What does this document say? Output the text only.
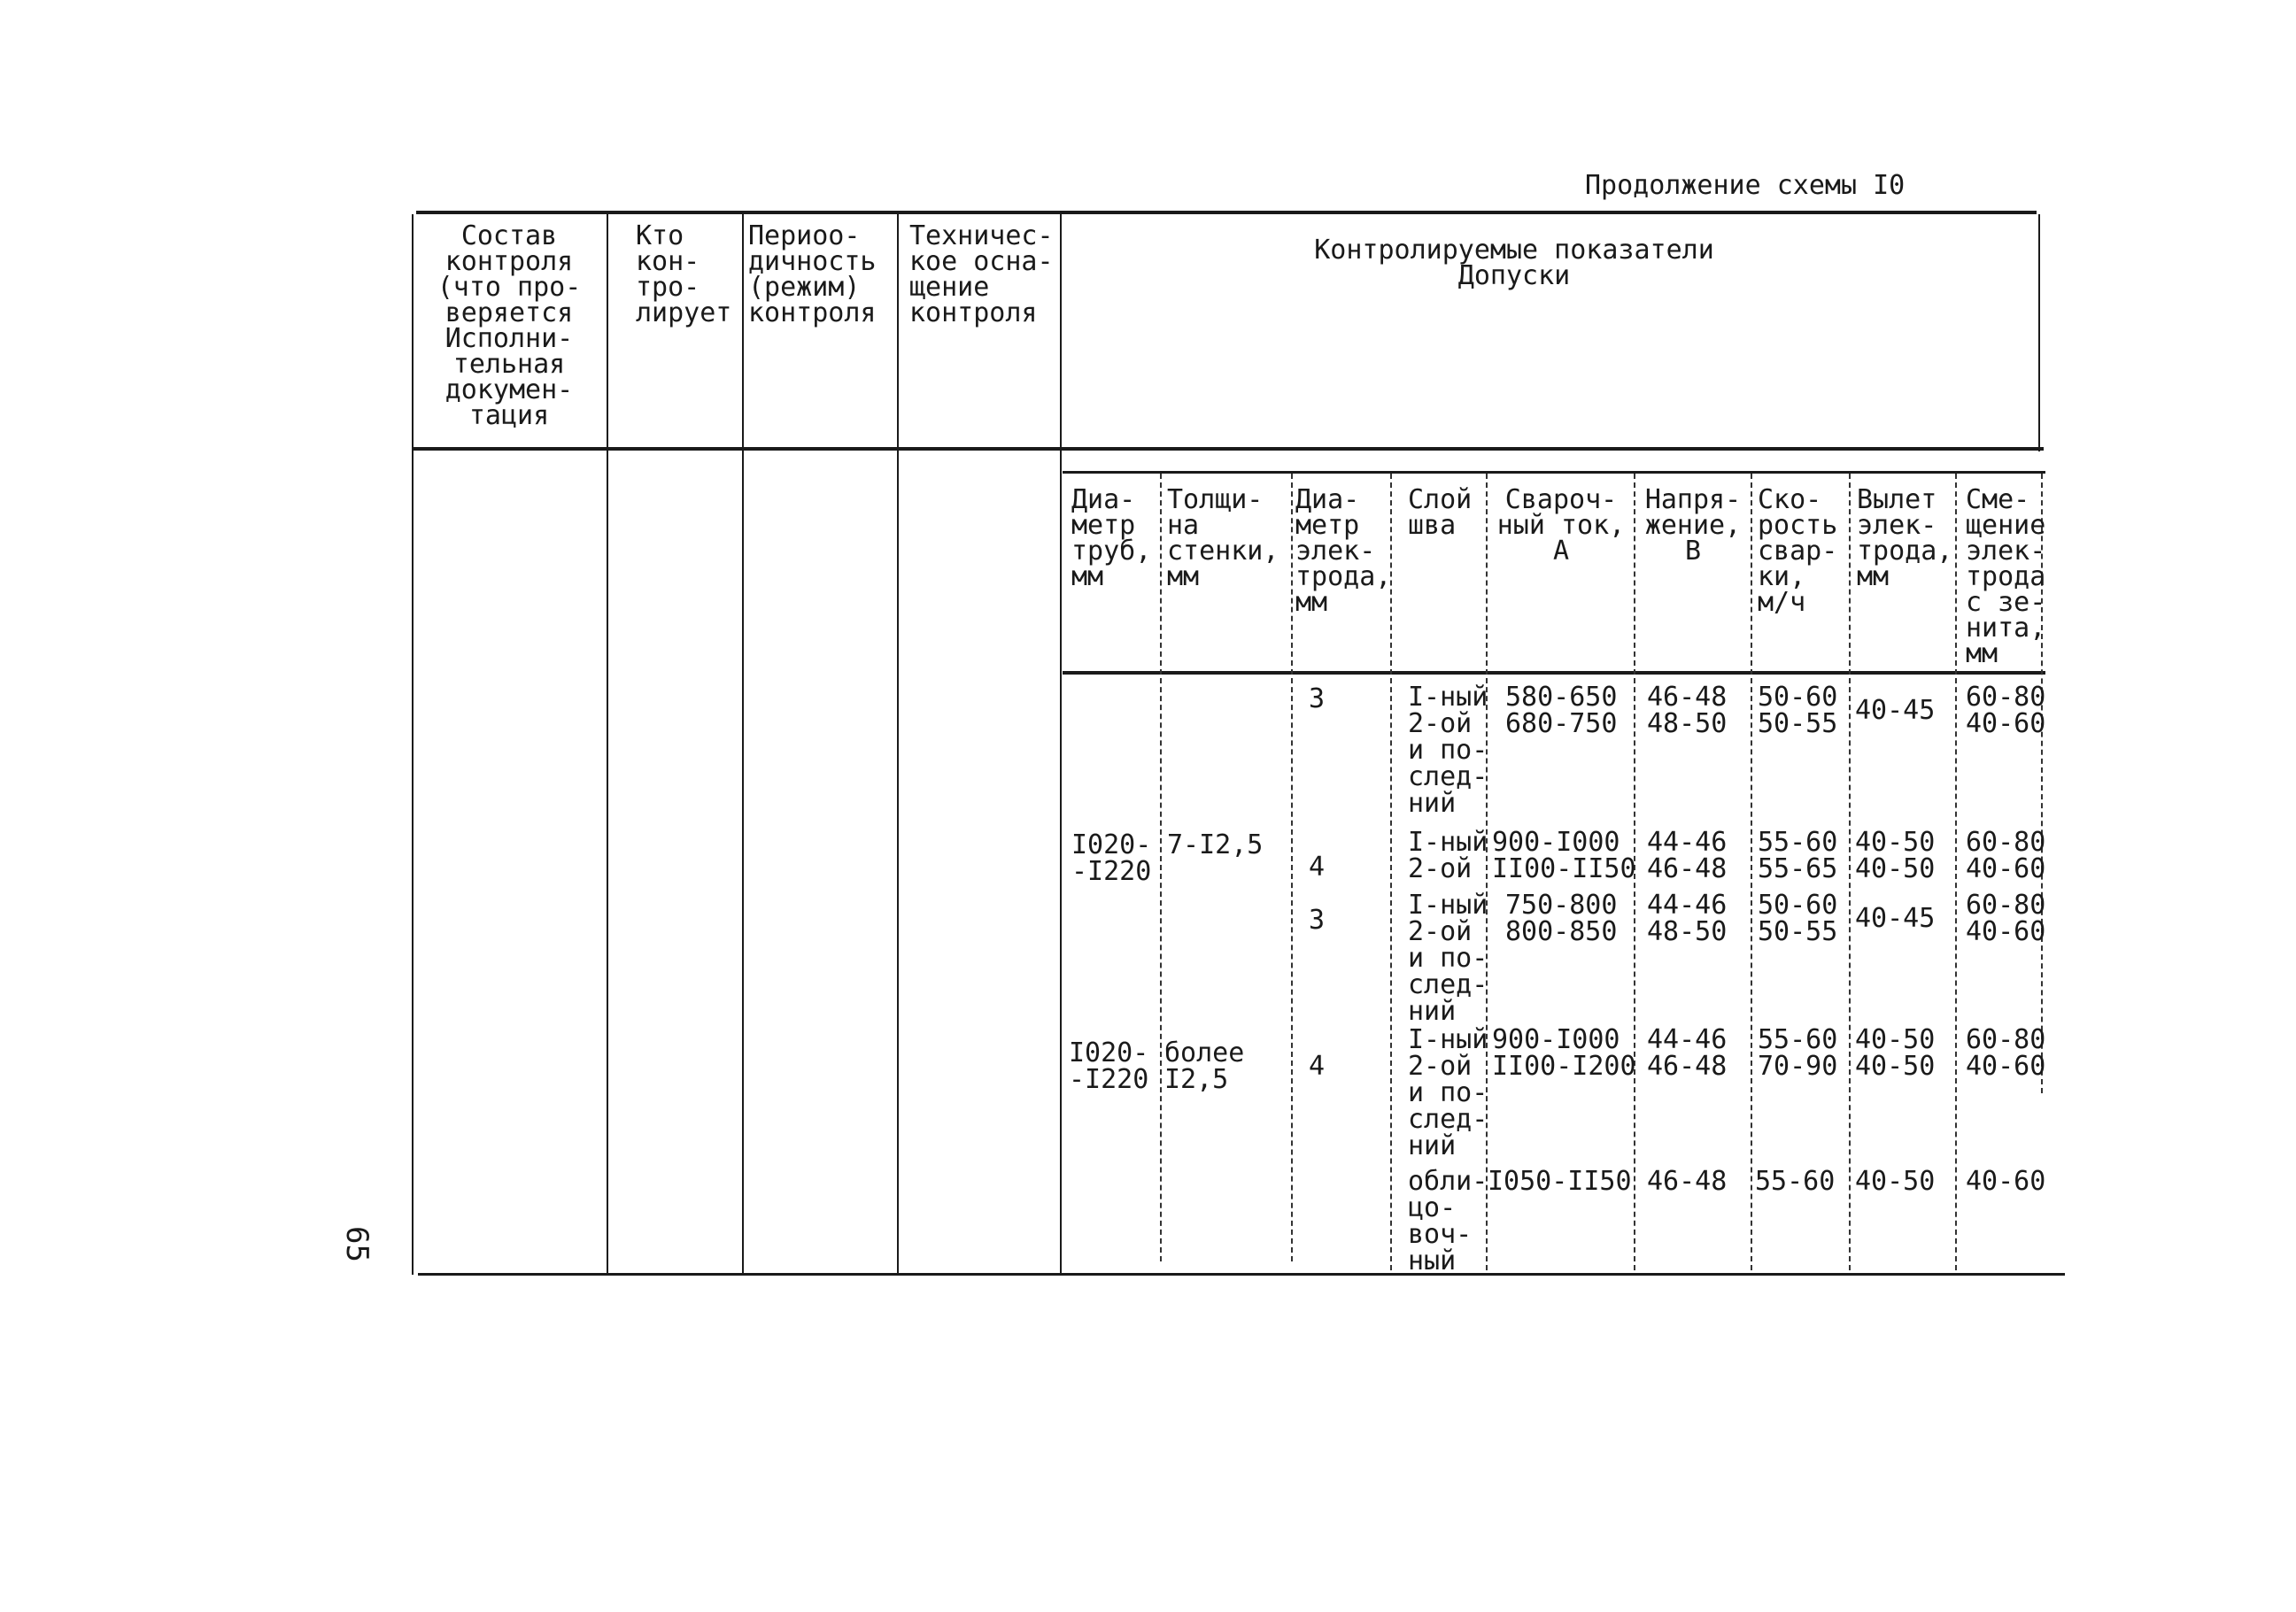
Продолжение схемы I0
65
Состав
контроля
(что про-
веряется
Исполни-
тельная
докумен-
тация
Кто
кон-
тро-
лирует
Периоо-
дичность
(режим)
контроля
Техничес-
кое осна-
щение
контроля
Контролируемые показатели
Допуски
Диа-
метр
труб,
мм
Толщи-
на
стенки,
мм
Диа-
метр
элек-
трода,
мм
Слой
шва
Свароч-
ный ток,
А
Напря-
жение,
В
Ско-
рость
свар-
ки,
м/ч
Вылет
элек-
трода,
мм
Сме-
щение
элек-
трода
с зе-
нита,
мм
I020-
-I220
7-I2,5
I020-
-I220
более
I2,5
3	I-ный
2-ой
и по-
след-
ний
580-650
680-750
46-48
48-50
50-60
50-55 40-45 60-80
40-60
4
I-ный
2-ой
900-I000
II00-II50
44-46
46-48
55-60
55-65
40-50
40-50
60-80
40-60
3	I-ный
2-ой
и по-
след-
ний
750-800
800-850
44-46
48-50
50-60
50-55 40-45 60-80
40-60
4
I-ный
2-ой
и по-
след-
ний
900-I000
II00-I200
44-46
46-48
55-60
70-90
40-50
40-50
60-80
40-60
обли-
цо-
воч-
ный
I050-II50 46-48 55-60 40-50 40-60
